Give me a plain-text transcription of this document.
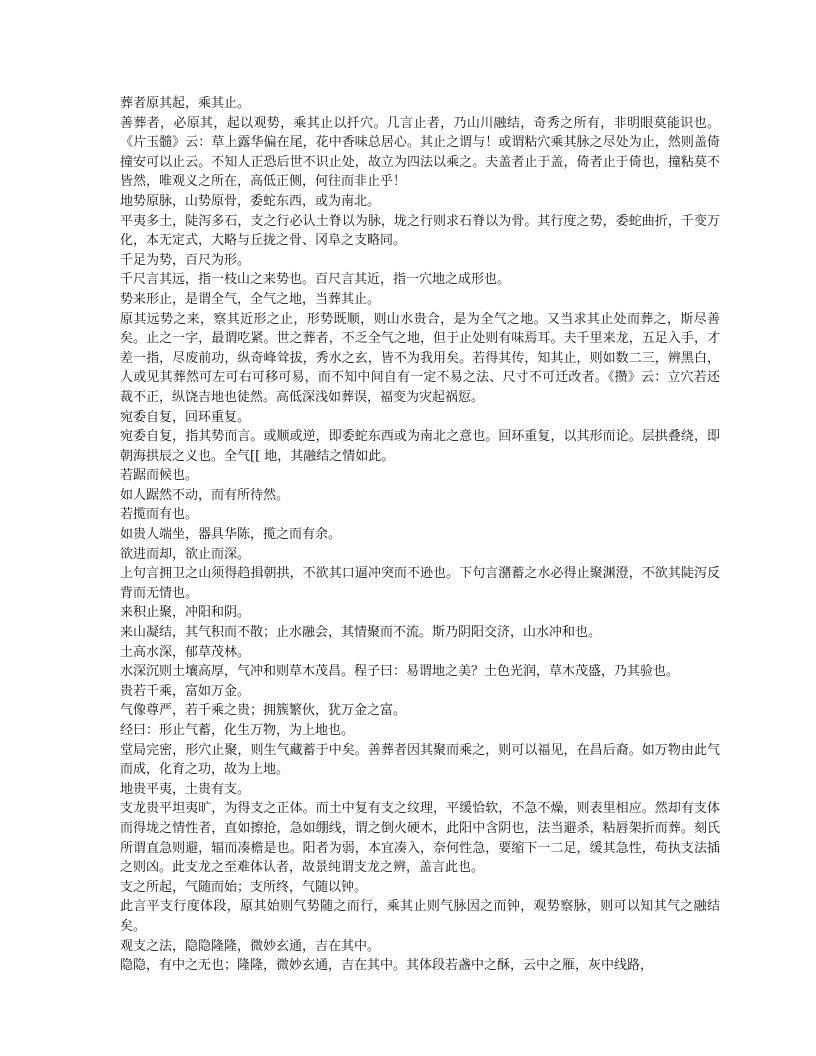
葬者原其起，乘其止。

善葬者，必原其，起以观势，乘其止以扦穴。几言止者，乃山川融结，奇秀之所有，非明眼莫能识也。《片玉髓》云：草上露华偏在尾，花中香味总居心。其止之谓与！或谓粘穴乘其脉之尽处为止，然则盖倚撞安可以止云。不知人正恐后世不识止处，故立为四法以乘之。夫盖者止于盖，倚者止于倚也，撞粘莫不皆然，唯观义之所在，高低正侧，何往而非止乎！

地势原脉，山势原骨，委蛇东西，或为南北。

平夷多土，陡泻多石，支之行必认土脊以为脉，垅之行则求石脊以为骨。其行度之势，委蛇曲折，千变万化，本无定式，大略与丘拢之骨、冈阜之支略同。

千足为势，百尺为形。

千尺言其远，指一枝山之来势也。百尺言其近，指一穴地之成形也。

势来形止，是谓全气，全气之地，当葬其止。

原其远势之来，察其近形之止，形势既顺，则山水贵合，是为全气之地。又当求其止处而葬之，斯尽善矣。止之一字，最谓吃紧。世之葬者，不乏全气之地，但于止处则有味焉耳。夫千里来龙，五足入手，才差一指，尽废前功，纵奇峰耸拔，秀水之玄，皆不为我用矣。若得其传，知其止，则如数二三，辨黑白，人或见其葬然可左可右可移可易，而不知中间自有一定不易之法、尺寸不可迁改者。《攒》云：立穴若还裁不正，纵饶吉地也徒然。高低深浅如葬误，福变为灾起祸愆。

宛委自复，回环重复。

宛委自复，指其势而言。或顺或逆，即委蛇东西或为南北之意也。回环重复，以其形而论。层拱叠绕，即朝海拱辰之义也。全气[[ 地，其融结之情如此。

若踞而候也。

如人踞然不动，而有所待然。

若揽而有也。

如贵人端坐，器具华陈，揽之而有余。

欲进而却，欲止而深。

上句言拥卫之山须得趋揖朝拱，不欲其口逼冲突而不逊也。下句言潴蓄之水必得止聚渊澄，不欲其陡泻反背而无情也。

来积止聚，冲阳和阴。

来山凝结，其气积而不散；止水融会，其情聚而不流。斯乃阴阳交济，山水冲和也。

土高水深，郁草茂林。

水深沉则土壤高厚，气冲和则草木茂昌。程子曰：易谓地之美？土色光润，草木茂盛，乃其验也。

贵若千乘，富如万金。

气像尊严，若千乘之贵；拥簇繁伙，犹万金之富。

经曰：形止气蓄，化生万物，为上地也。

堂局完密，形穴止聚，则生气藏蓄于中矣。善葬者因其聚而乘之，则可以福见，在昌后裔。如万物由此气而成，化育之功，故为上地。

地贵平夷，土贵有支。

支龙贵平坦夷旷，为得支之正体。而土中复有支之纹理，平缓恰软，不急不燥，则表里相应。然却有支体而得垅之情性者，直如擦抢，急如绷线，谓之倒火硬木，此阳中含阴也，法当避杀，粘唇架折而葬。刻氏所谓直急则避，辐而凑檐是也。阳者为弱，本宜凑入，奈何性急，要缩下一二足，缓其急性，苟执支法插之则凶。此支龙之至难体认者，故景纯谓支龙之辨，盖言此也。

支之所起，气随而始；支所终，气随以钟。

此言平支行度体段，原其始则气势随之而行，乘其止则气脉因之而钟，观势察脉，则可以知其气之融结矣。

观支之法，隐隐隆隆，微妙玄通，吉在其中。

隐隐，有中之无也；隆隆，微妙玄通，吉在其中。其体段若盏中之酥，云中之雁，灰中线路，
